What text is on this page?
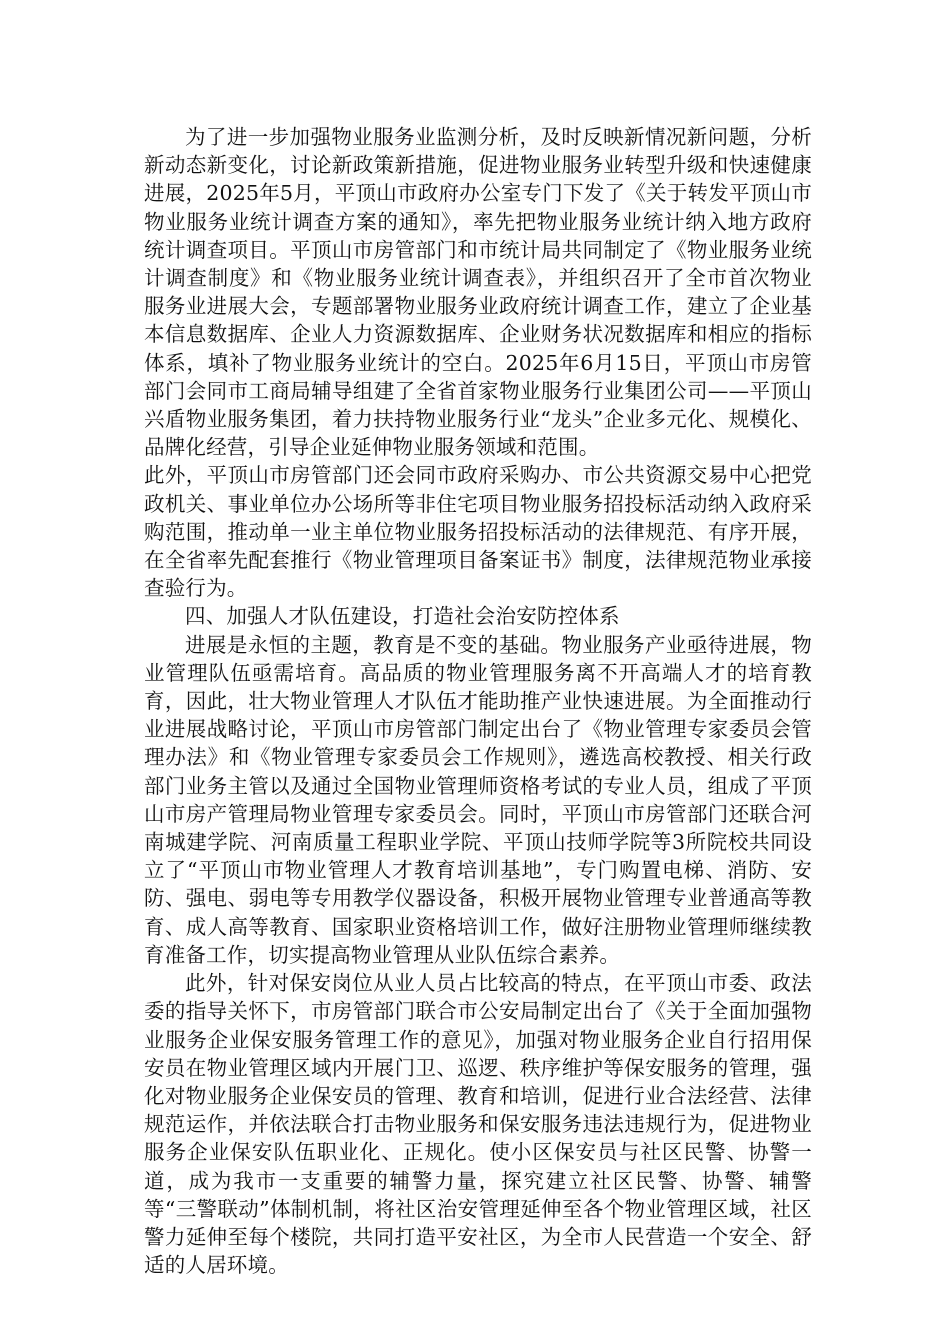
为了进一步加强物业服务业监测分析，及时反映新情况新问题，分析新动态新变化，讨论新政策新措施，促进物业服务业转型升级和快速健康进展，2025年5月，平顶山市政府办公室专门下发了《关于转发平顶山市物业服务业统计调查方案的通知》，率先把物业服务业统计纳入地方政府统计调查项目。平顶山市房管部门和市统计局共同制定了《物业服务业统计调查制度》和《物业服务业统计调查表》，并组织召开了全市首次物业服务业进展大会，专题部署物业服务业政府统计调查工作，建立了企业基本信息数据库、企业人力资源数据库、企业财务状况数据库和相应的指标体系，填补了物业服务业统计的空白。2025年6月15日，平顶山市房管部门会同市工商局辅导组建了全省首家物业服务行业集团公司——平顶山兴盾物业服务集团，着力扶持物业服务行业“龙头”企业多元化、规模化、品牌化经营，引导企业延伸物业服务领域和范围。

此外，平顶山市房管部门还会同市政府采购办、市公共资源交易中心把党政机关、事业单位办公场所等非住宅项目物业服务招投标活动纳入政府采购范围，推动单一业主单位物业服务招投标活动的法律规范、有序开展，在全省率先配套推行《物业管理项目备案证书》制度，法律规范物业承接查验行为。

四、加强人才队伍建设，打造社会治安防控体系

进展是永恒的主题，教育是不变的基础。物业服务产业亟待进展，物业管理队伍亟需培育。高品质的物业管理服务离不开高端人才的培育教育，因此，壮大物业管理人才队伍才能助推产业快速进展。为全面推动行业进展战略讨论，平顶山市房管部门制定出台了《物业管理专家委员会管理办法》和《物业管理专家委员会工作规则》，遴选高校教授、相关行政部门业务主管以及通过全国物业管理师资格考试的专业人员，组成了平顶山市房产管理局物业管理专家委员会。同时，平顶山市房管部门还联合河南城建学院、河南质量工程职业学院、平顶山技师学院等3所院校共同设立了“平顶山市物业管理人才教育培训基地”，专门购置电梯、消防、安防、强电、弱电等专用教学仪器设备，积极开展物业管理专业普通高等教育、成人高等教育、国家职业资格培训工作，做好注册物业管理师继续教育准备工作，切实提高物业管理从业队伍综合素养。

此外，针对保安岗位从业人员占比较高的特点，在平顶山市委、政法委的指导关怀下，市房管部门联合市公安局制定出台了《关于全面加强物业服务企业保安服务管理工作的意见》，加强对物业服务企业自行招用保安员在物业管理区域内开展门卫、巡逻、秩序维护等保安服务的管理，强化对物业服务企业保安员的管理、教育和培训，促进行业合法经营、法律规范运作，并依法联合打击物业服务和保安服务违法违规行为，促进物业服务企业保安队伍职业化、正规化。使小区保安员与社区民警、协警一道，成为我市一支重要的辅警力量，探究建立社区民警、协警、辅警等“三警联动”体制机制，将社区治安管理延伸至各个物业管理区域，社区警力延伸至每个楼院，共同打造平安社区，为全市人民营造一个安全、舒适的人居环境。
